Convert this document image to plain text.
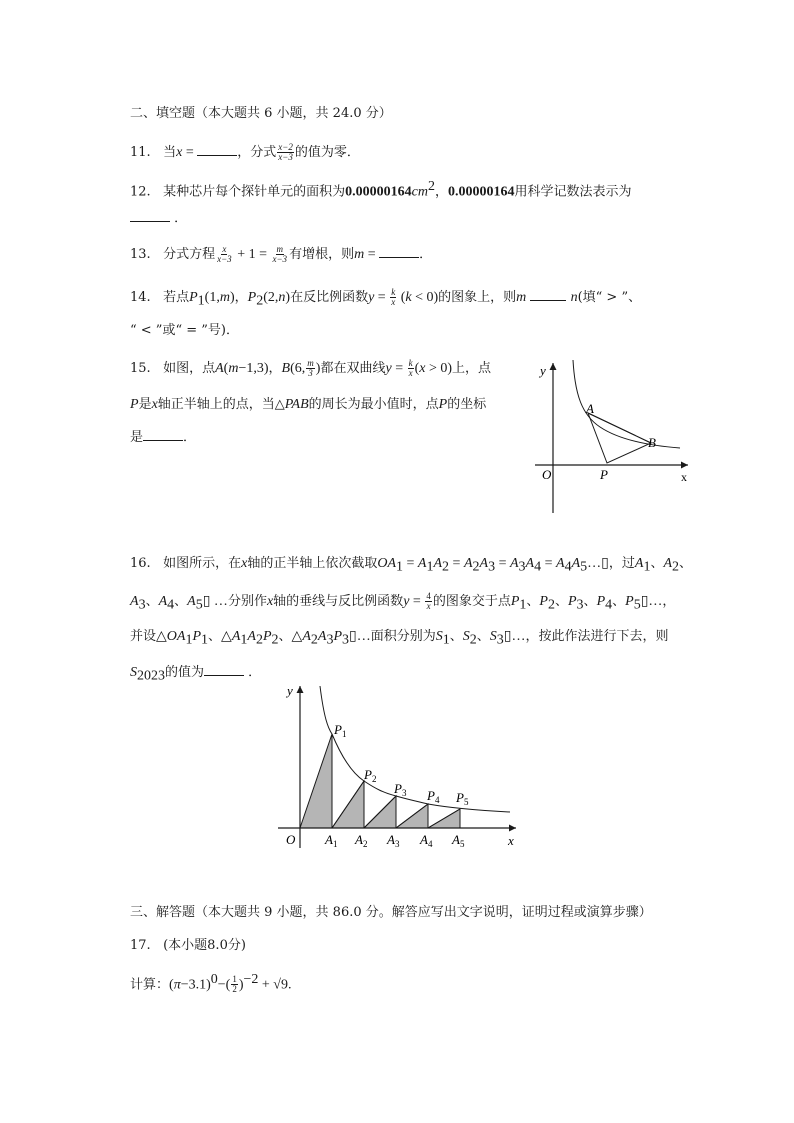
二、填空题（本大题共 6 小题，共 24.0 分）
11. 当x =	，分式 $\frac{x-2}{x-3}$ 的值为零．
12. 某种芯片每个探针单元的面积为$0.00000164cm^2$，0.00000164用科学记数法表示为
．
13. 分式方程 $\frac{x}{x-3} + 1 = \frac{m}{x-3}$ 有增根，则m =	．
14. 若点$P_1(1,m)$，$P_2(2,n)$在反比例函数$y = \frac{k}{x} (k < 0)$的图象上，则m	n(填“ > ”、
“ < ”或“ = ”号)．
15. 如图，点A(m−1,3)，B(6, $\frac{m}{3}$ )都在双曲线$y = \frac{k}{x} (x > 0)$上，点
P是x轴正半轴上的点，当△PAB的周长为最小值时，点P的坐标
是	．
y
x
O
A
B
P
16. 如图所示，在x轴的正半轴上依次截取$OA_1 = A_1A_2 = A_2A_3 = A_3A_4$ = $A_4A_5\dots▯$，过$A_1$、$A_2$、
$A_3$、$A_4$、$A_5▯$ …分别作x轴的垂线与反比例函数$y = \frac{4}{x}$ 的图象交于点$P_1$、$P_2$、$P_3$、$P_4$、$P_5▯\dots$，
并设$\triangle OA_1P_1$、$\triangle A_1A_2P_2$、$\triangle A_2A_3P_3▯\dots$面积分别为$S_1$、$S_2$、$S_3▯\dots$，按此作法进行下去，则
$S_{2023}$的值为	．
y
x
O $A_1$ $A_2$ $A_3$ $A_4$ $A_5$
$P_1$
$P_2$
$P_3$ $P_4$ $P_5$
三、解答题（本大题共 9 小题，共 86.0 分。解答应写出文字说明，证明过程或演算步骤）
17. (本小题8.0分)
计算：$(\pi-3.1)^0-( \frac{1}{2} )^{-2} + √9$.
